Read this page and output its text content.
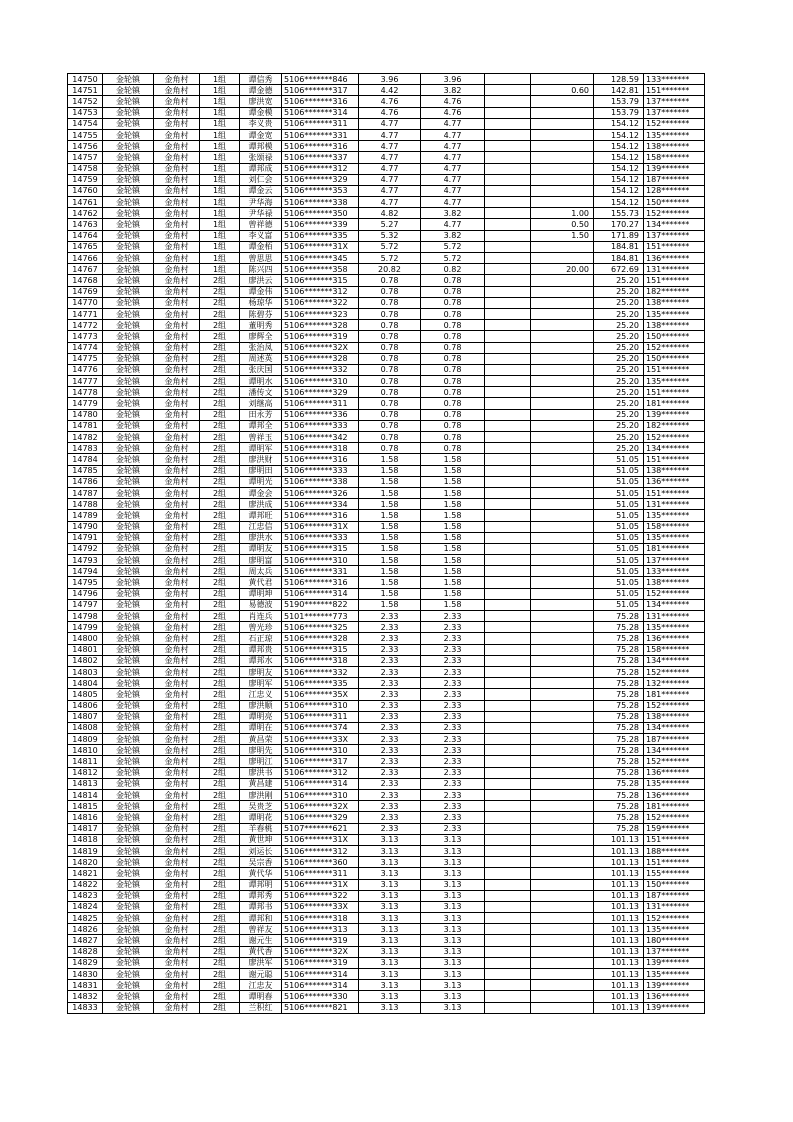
14750	金轮镇	金角村	1组	谭信秀	5106*******846	3.96	3.96			128.59	133*******
14751	金轮镇	金角村	1组	谭金德	5106*******317	4.42	3.82		0.60	142.81	151*******
14752	金轮镇	金角村	1组	廖洪宽	5106*******316	4.76	4.76			153.79	137*******
14753	金轮镇	金角村	1组	谭金模	5106*******314	4.76	4.76			153.79	137*******
14754	金轮镇	金角村	1组	李义贵	5106*******311	4.77	4.77			154.12	152*******
14755	金轮镇	金角村	1组	谭金宽	5106*******331	4.77	4.77			154.12	135*******
14756	金轮镇	金角村	1组	谭邦模	5106*******316	4.77	4.77			154.12	138*******
14757	金轮镇	金角村	1组	张颂禄	5106*******337	4.77	4.77			154.12	158*******
14758	金轮镇	金角村	1组	谭邦成	5106*******312	4.77	4.77			154.12	139*******
14759	金轮镇	金角村	1组	刘仁会	5106*******329	4.77	4.77			154.12	187*******
14760	金轮镇	金角村	1组	谭金云	5106*******353	4.77	4.77			154.12	128*******
14761	金轮镇	金角村	1组	尹华海	5106*******338	4.77	4.77			154.12	150*******
14762	金轮镇	金角村	1组	尹华禄	5106*******350	4.82	3.82		1.00	155.73	152*******
14763	金轮镇	金角村	1组	曾祥德	5106*******339	5.27	4.77		0.50	170.27	134*******
14764	金轮镇	金角村	1组	李义富	5106*******335	5.32	3.82		1.50	171.89	137*******
14765	金轮镇	金角村	1组	谭金栢	5106*******31X	5.72	5.72			184.81	151*******
14766	金轮镇	金角村	1组	曾思思	5106*******345	5.72	5.72			184.81	136*******
14767	金轮镇	金角村	1组	陈兴四	5106*******358	20.82	0.82		20.00	672.69	131*******
14768	金轮镇	金角村	2组	廖洪云	5106*******315	0.78	0.78			25.20	151*******
14769	金轮镇	金角村	2组	谭金伟	5106*******312	0.78	0.78			25.20	182*******
14770	金轮镇	金角村	2组	杨琼华	5106*******322	0.78	0.78			25.20	138*******
14771	金轮镇	金角村	2组	陈碧芬	5106*******323	0.78	0.78			25.20	135*******
14772	金轮镇	金角村	2组	董明秀	5106*******328	0.78	0.78			25.20	138*******
14773	金轮镇	金角村	2组	廖辉全	5106*******319	0.78	0.78			25.20	150*******
14774	金轮镇	金角村	2组	张治凤	5106*******32X	0.78	0.78			25.20	152*******
14775	金轮镇	金角村	2组	周述英	5106*******328	0.78	0.78			25.20	150*******
14776	金轮镇	金角村	2组	张庆国	5106*******332	0.78	0.78			25.20	151*******
14777	金轮镇	金角村	2组	谭明水	5106*******310	0.78	0.78			25.20	135*******
14778	金轮镇	金角村	2组	潘传文	5106*******329	0.78	0.78			25.20	151*******
14779	金轮镇	金角村	2组	刘继高	5106*******311	0.78	0.78			25.20	181*******
14780	金轮镇	金角村	2组	田永芳	5106*******336	0.78	0.78			25.20	139*******
14781	金轮镇	金角村	2组	谭邦全	5106*******333	0.78	0.78			25.20	182*******
14782	金轮镇	金角村	2组	曾祥玉	5106*******342	0.78	0.78			25.20	152*******
14783	金轮镇	金角村	2组	谭明军	5106*******318	0.78	0.78			25.20	134*******
14784	金轮镇	金角村	2组	廖洪财	5106*******316	1.58	1.58			51.05	151*******
14785	金轮镇	金角村	2组	廖明田	5106*******333	1.58	1.58			51.05	138*******
14786	金轮镇	金角村	2组	谭明光	5106*******338	1.58	1.58			51.05	136*******
14787	金轮镇	金角村	2组	谭金会	5106*******326	1.58	1.58			51.05	151*******
14788	金轮镇	金角村	2组	廖洪成	5106*******334	1.58	1.58			51.05	131*******
14789	金轮镇	金角村	2组	谭邦旺	5106*******316	1.58	1.58			51.05	135*******
14790	金轮镇	金角村	2组	江忠信	5106*******31X	1.58	1.58			51.05	158*******
14791	金轮镇	金角村	2组	廖洪水	5106*******333	1.58	1.58			51.05	135*******
14792	金轮镇	金角村	2组	谭明友	5106*******315	1.58	1.58			51.05	181*******
14793	金轮镇	金角村	2组	廖明富	5106*******310	1.58	1.58			51.05	137*******
14794	金轮镇	金角村	2组	周太兵	5106*******331	1.58	1.58			51.05	133*******
14795	金轮镇	金角村	2组	黄代君	5106*******316	1.58	1.58			51.05	138*******
14796	金轮镇	金角村	2组	谭明坤	5106*******314	1.58	1.58			51.05	152*******
14797	金轮镇	金角村	2组	易德波	5190*******822	1.58	1.58			51.05	134*******
14798	金轮镇	金角村	2组	肖连兵	5101*******773	2.33	2.33			75.28	131*******
14799	金轮镇	金角村	2组	曾光珍	5106*******325	2.33	2.33			75.28	135*******
14800	金轮镇	金角村	2组	石正琼	5106*******328	2.33	2.33			75.28	136*******
14801	金轮镇	金角村	2组	谭邦贵	5106*******315	2.33	2.33			75.28	158*******
14802	金轮镇	金角村	2组	谭邦水	5106*******318	2.33	2.33			75.28	134*******
14803	金轮镇	金角村	2组	廖明友	5106*******332	2.33	2.33			75.28	152*******
14804	金轮镇	金角村	2组	廖明军	5106*******335	2.33	2.33			75.28	132*******
14805	金轮镇	金角村	2组	江忠义	5106*******35X	2.33	2.33			75.28	181*******
14806	金轮镇	金角村	2组	廖洪顺	5106*******310	2.33	2.33			75.28	152*******
14807	金轮镇	金角村	2组	谭明亮	5106*******311	2.33	2.33			75.28	138*******
14808	金轮镇	金角村	2组	谭明在	5106*******374	2.33	2.33			75.28	134*******
14809	金轮镇	金角村	2组	黄昌荣	5106*******33X	2.33	2.33			75.28	187*******
14810	金轮镇	金角村	2组	廖明先	5106*******310	2.33	2.33			75.28	134*******
14811	金轮镇	金角村	2组	廖明江	5106*******317	2.33	2.33			75.28	152*******
14812	金轮镇	金角村	2组	廖洪书	5106*******312	2.33	2.33			75.28	136*******
14813	金轮镇	金角村	2组	黄昌建	5106*******314	2.33	2.33			75.28	135*******
14814	金轮镇	金角村	2组	廖洪刚	5106*******310	2.33	2.33			75.28	136*******
14815	金轮镇	金角村	2组	吴贵芝	5106*******32X	2.33	2.33			75.28	181*******
14816	金轮镇	金角村	2组	谭明花	5106*******329	2.33	2.33			75.28	152*******
14817	金轮镇	金角村	2组	羊春桃	5107*******621	2.33	2.33			75.28	159*******
14818	金轮镇	金角村	2组	黄世坤	5106*******31X	3.13	3.13			101.13	151*******
14819	金轮镇	金角村	2组	刘运长	5106*******312	3.13	3.13			101.13	188*******
14820	金轮镇	金角村	2组	吴宗香	5106*******360	3.13	3.13			101.13	151*******
14821	金轮镇	金角村	2组	黄代华	5106*******311	3.13	3.13			101.13	155*******
14822	金轮镇	金角村	2组	谭邦明	5106*******31X	3.13	3.13			101.13	150*******
14823	金轮镇	金角村	2组	谭邦秀	5106*******322	3.13	3.13			101.13	187*******
14824	金轮镇	金角村	2组	谭邦书	5106*******33X	3.13	3.13			101.13	131*******
14825	金轮镇	金角村	2组	谭邦和	5106*******318	3.13	3.13			101.13	152*******
14826	金轮镇	金角村	2组	曾祥友	5106*******313	3.13	3.13			101.13	135*******
14827	金轮镇	金角村	2组	谢元生	5106*******319	3.13	3.13			101.13	180*******
14828	金轮镇	金角村	2组	黄代香	5106*******32X	3.13	3.13			101.13	137*******
14829	金轮镇	金角村	2组	廖洪军	5106*******319	3.13	3.13			101.13	139*******
14830	金轮镇	金角村	2组	谢元聪	5106*******314	3.13	3.13			101.13	135*******
14831	金轮镇	金角村	2组	江忠友	5106*******314	3.13	3.13			101.13	139*******
14832	金轮镇	金角村	2组	谭明春	5106*******330	3.13	3.13			101.13	136*******
14833	金轮镇	金角村	2组	兰积红	5106*******821	3.13	3.13			101.13	139*******
